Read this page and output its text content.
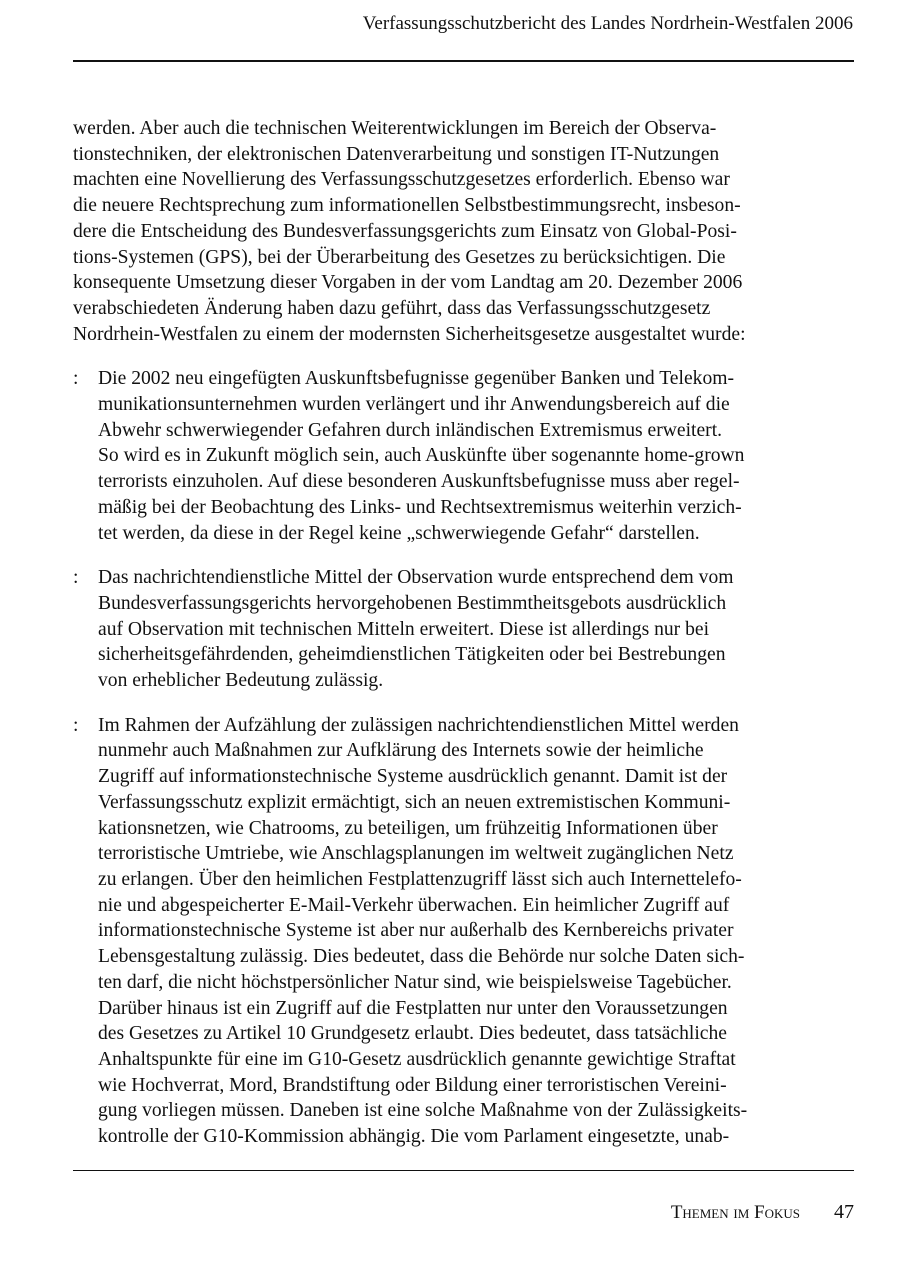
Verfassungsschutzbericht des Landes Nordrhein-Westfalen 2006
werden. Aber auch die technischen Weiterentwicklungen im Bereich der Observa-
tionstechniken, der elektronischen Datenverarbeitung und sonstigen IT-Nutzungen
machten eine Novellierung des Verfassungsschutzgesetzes erforderlich. Ebenso war
die neuere Rechtsprechung zum informationellen Selbstbestimmungsrecht, insbeson-
dere die Entscheidung des Bundesverfassungsgerichts zum Einsatz von Global-Posi-
tions-Systemen (GPS), bei der Überarbeitung des Gesetzes zu berücksichtigen. Die
konsequente Umsetzung dieser Vorgaben in der vom Landtag am 20. Dezember 2006
verabschiedeten Änderung haben dazu geführt, dass das Verfassungsschutzgesetz
Nordrhein-Westfalen zu einem der modernsten Sicherheitsgesetze ausgestaltet wurde:
: Die 2002 neu eingefügten Auskunftsbefugnisse gegenüber Banken und Telekom-
munikationsunternehmen wurden verlängert und ihr Anwendungsbereich auf die
Abwehr schwerwiegender Gefahren durch inländischen Extremismus erweitert.
So wird es in Zukunft möglich sein, auch Auskünfte über sogenannte home-grown
terrorists einzuholen. Auf diese besonderen Auskunftsbefugnisse muss aber regel-
mäßig bei der Beobachtung des Links- und Rechtsextremismus weiterhin verzich-
tet werden, da diese in der Regel keine „schwerwiegende Gefahr“ darstellen.
: Das nachrichtendienstliche Mittel der Observation wurde entsprechend dem vom
Bundesverfassungsgerichts hervorgehobenen Bestimmtheitsgebots ausdrücklich
auf Observation mit technischen Mitteln erweitert. Diese ist allerdings nur bei
sicherheitsgefährdenden, geheimdienstlichen Tätigkeiten oder bei Bestrebungen
von erheblicher Bedeutung zulässig.
: Im Rahmen der Aufzählung der zulässigen nachrichtendienstlichen Mittel werden
nunmehr auch Maßnahmen zur Aufklärung des Internets sowie der heimliche
Zugriff auf informationstechnische Systeme ausdrücklich genannt. Damit ist der
Verfassungsschutz explizit ermächtigt, sich an neuen extremistischen Kommuni-
kationsnetzen, wie Chatrooms, zu beteiligen, um frühzeitig Informationen über
terroristische Umtriebe, wie Anschlagsplanungen im weltweit zugänglichen Netz
zu erlangen. Über den heimlichen Festplattenzugriff lässt sich auch Internettelefo-
nie und abgespeicherter E-Mail-Verkehr überwachen. Ein heimlicher Zugriff auf
informationstechnische Systeme ist aber nur außerhalb des Kernbereichs privater
Lebensgestaltung zulässig. Dies bedeutet, dass die Behörde nur solche Daten sich-
ten darf, die nicht höchstpersönlicher Natur sind, wie beispielsweise Tagebücher.
Darüber hinaus ist ein Zugriff auf die Festplatten nur unter den Voraussetzungen
des Gesetzes zu Artikel 10 Grundgesetz erlaubt. Dies bedeutet, dass tatsächliche
Anhaltspunkte für eine im G10-Gesetz ausdrücklich genannte gewichtige Straftat
wie Hochverrat, Mord, Brandstiftung oder Bildung einer terroristischen Vereini-
gung vorliegen müssen. Daneben ist eine solche Maßnahme von der Zulässigkeits-
kontrolle der G10-Kommission abhängig. Die vom Parlament eingesetzte, unab-
Themen im Fokus 47
